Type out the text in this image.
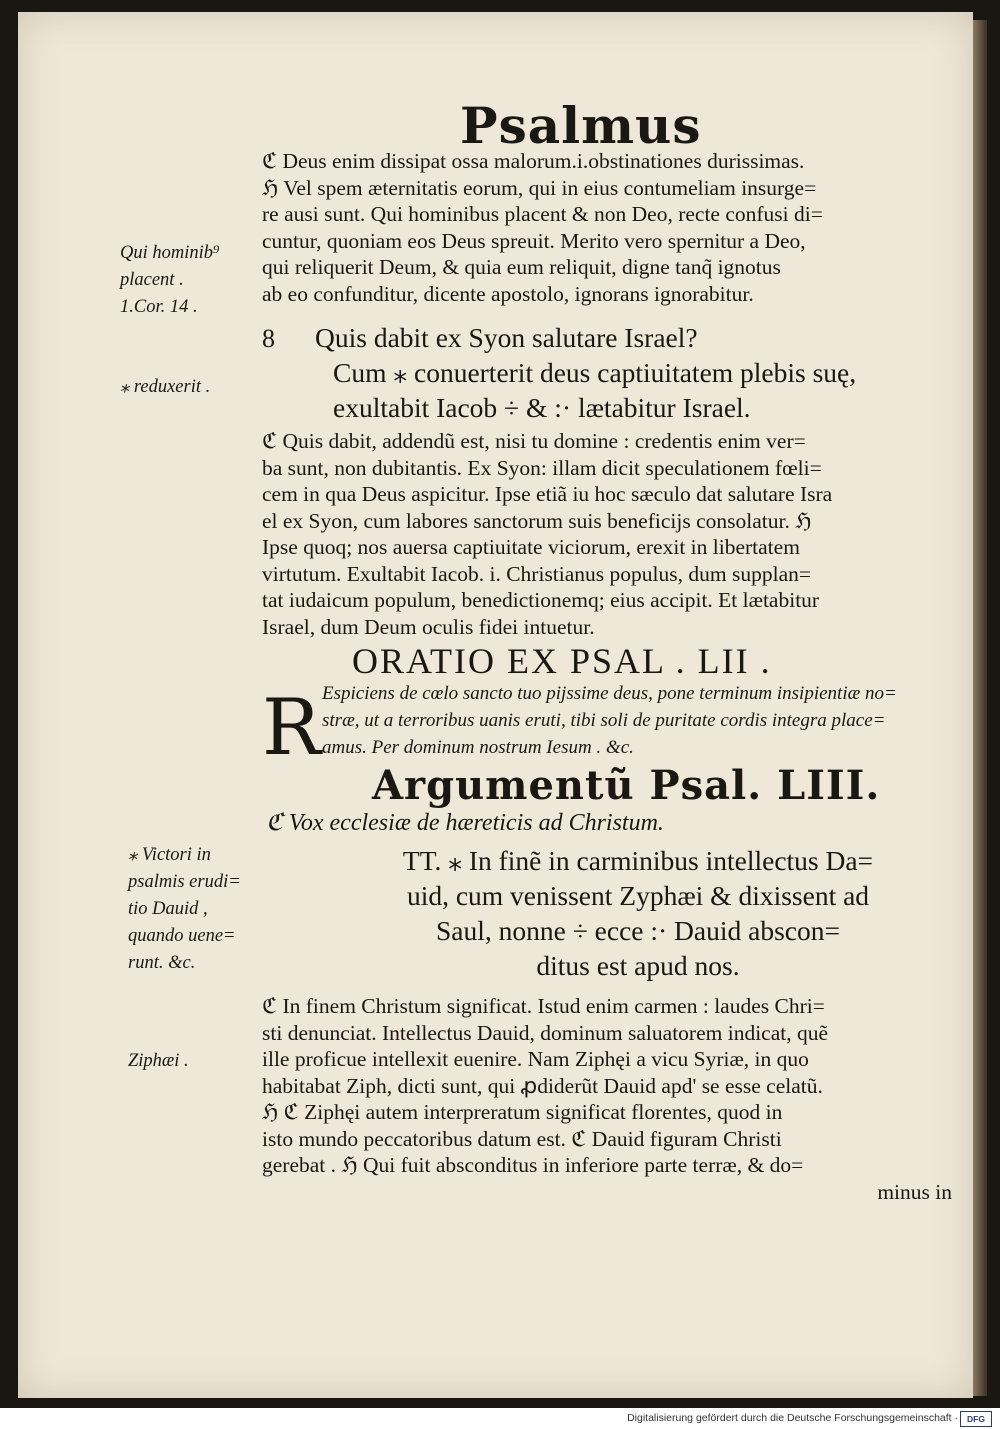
Psalmus
ℭ Deus enim dissipat ossa malorum.i.obstinationes durissimas.
ℌ Vel spem æternitatis eorum, qui in eius contumeliam insurge=
re ausi sunt. Qui hominibus placent & non Deo, recte confusi di=
cuntur, quoniam eos Deus spreuit. Merito vero spernitur a Deo,
qui reliquerit Deum, & quia eum reliquit, digne tanq̃ ignotus
ab eo confunditur, dicente apostolo, ignorans ignorabitur.
Qui hominib⁹
placent .
1.Cor. 14 .
8 Quis dabit ex Syon salutare Israel?
Cum ⁎ conuerterit deus captiuitatem plebis suę,
exultabit Iacob ÷ & :· lætabitur Israel.
⁎ reduxerit .
ℭ Quis dabit, addendũ est, nisi tu domine : credentis enim ver=
ba sunt, non dubitantis. Ex Syon: illam dicit speculationem fœli=
cem in qua Deus aspicitur. Ipse etiã iu hoc sæculo dat salutare Isra
el ex Syon, cum labores sanctorum suis beneficijs consolatur. ℌ
Ipse quoq; nos auersa captiuitate viciorum, erexit in libertatem
virtutum. Exultabit Iacob. i. Christianus populus, dum supplan=
tat iudaicum populum, benedictionemq; eius accipit. Et lætabitur
Israel, dum Deum oculis fidei intuetur.
ORATIO EX PSAL . LII .
R Espiciens de cœlo sancto tuo pijssime deus, pone terminum insipientiæ no=
stræ, ut a terroribus uanis eruti, tibi soli de puritate cordis integra place=
amus. Per dominum nostrum Iesum . &c.
Argumentũ Psal. LIII.
ℭ Vox ecclesiæ de hæreticis ad Christum.
TT. ⁎ In finẽ in carminibus intellectus Da=
uid, cum venissent Zyphæi & dixissent ad
Saul, nonne ÷ ecce :· Dauid abscon=
ditus est apud nos.
⁎ Victori in
psalmis erudi=
tio Dauid ,
quando uene=
runt. &c.
ℭ In finem Christum significat. Istud enim carmen : laudes Chri=
sti denunciat. Intellectus Dauid, dominum saluatorem indicat, quẽ
ille proficue intellexit euenire. Nam Ziphęi a vicu Syriæ, in quo
habitabat Ziph, dicti sunt, qui ꝓdiderũt Dauid apd' se esse celatũ.
ℌ ℭ Ziphęi autem interpreratum significat florentes, quod in
isto mundo peccatoribus datum est. ℭ Dauid figuram Christi
gerebat . ℌ Qui fuit absconditus in inferiore parte terræ, & do=
minus in
Ziphæi .
Digitalisierung gefördert durch die Deutsche Forschungsgemeinschaft ·	DFG
